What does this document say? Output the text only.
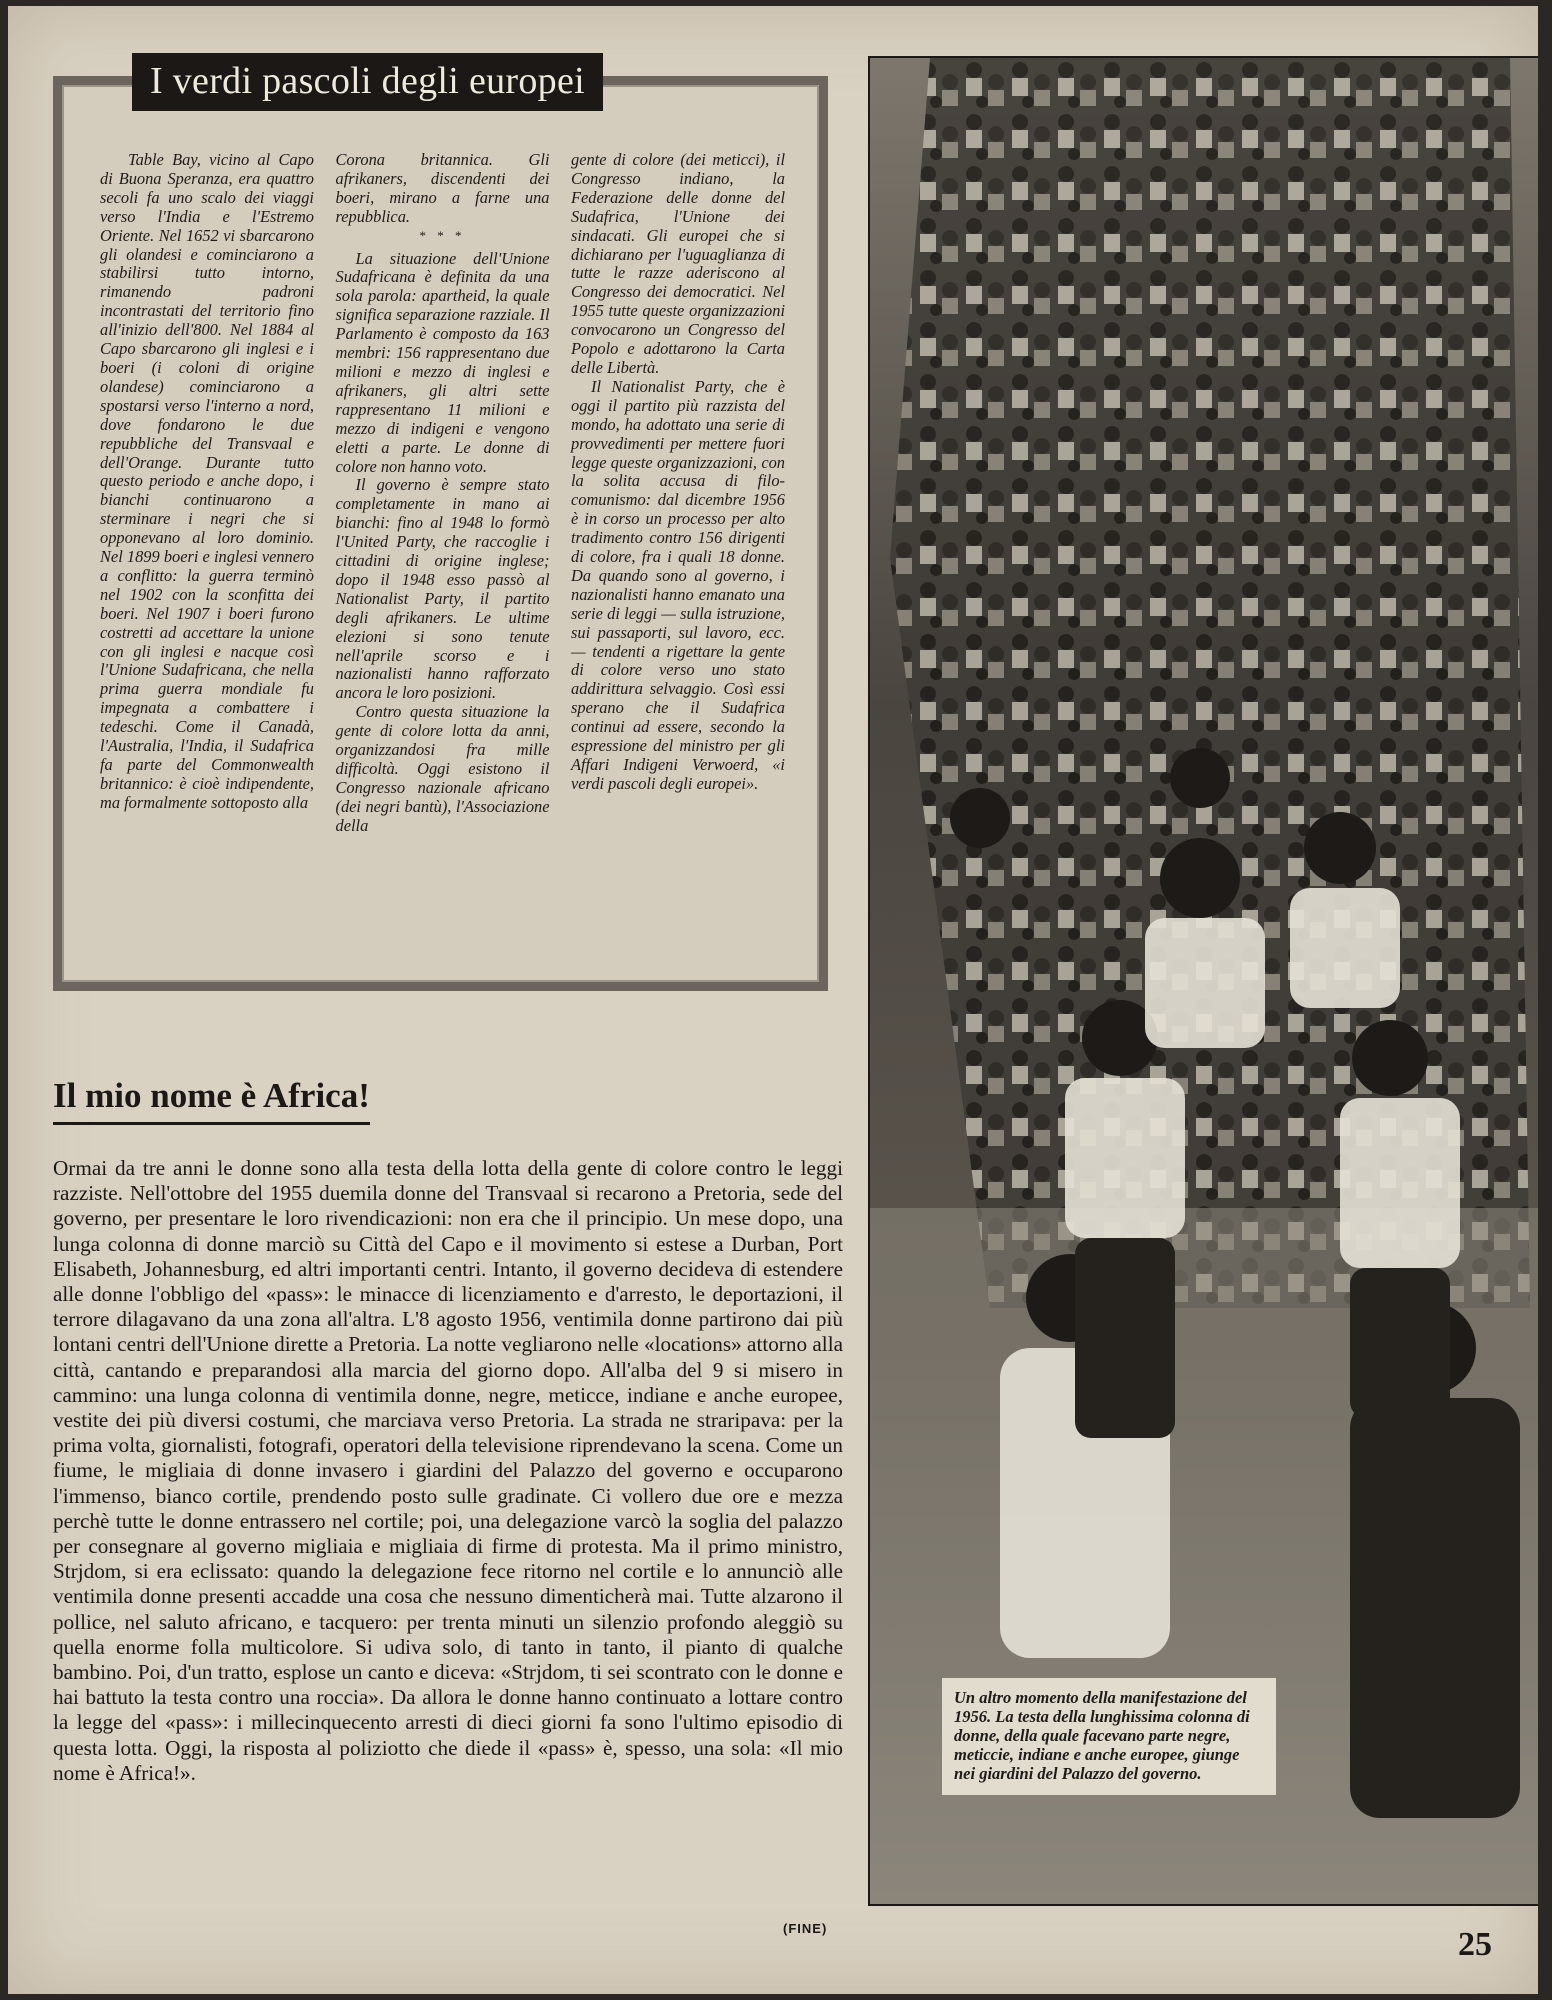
I verdi pascoli degli europei

Table Bay, vicino al Capo di Buona Speranza, era quattro secoli fa uno scalo dei viaggi verso l'India e l'Estremo Oriente. Nel 1652 vi sbarcarono gli olandesi e cominciarono a stabilirsi tutto intorno, rimanendo padroni incontrastati del territorio fino all'inizio dell'800. Nel 1884 al Capo sbarcarono gli inglesi e i boeri (i coloni di origine olandese) cominciarono a spostarsi verso l'interno a nord, dove fondarono le due repubbliche del Transvaal e dell'Orange. Durante tutto questo periodo e anche dopo, i bianchi continuarono a sterminare i negri che si opponevano al loro dominio. Nel 1899 boeri e inglesi vennero a conflitto: la guerra terminò nel 1902 con la sconfitta dei boeri. Nel 1907 i boeri furono costretti ad accettare la unione con gli inglesi e nacque così l'Unione Sudafricana, che nella prima guerra mondiale fu impegnata a combattere i tedeschi. Come il Canadà, l'Australia, l'India, il Sudafrica fa parte del Commonwealth britannico: è cioè indipendente, ma formalmente sottoposto alla

Corona britannica. Gli afrikaners, discendenti dei boeri, mirano a farne una repubblica.

* * *

La situazione dell'Unione Sudafricana è definita da una sola parola: apartheid, la quale significa separazione razziale. Il Parlamento è composto da 163 membri: 156 rappresentano due milioni e mezzo di inglesi e afrikaners, gli altri sette rappresentano 11 milioni e mezzo di indigeni e vengono eletti a parte. Le donne di colore non hanno voto.

Il governo è sempre stato completamente in mano ai bianchi: fino al 1948 lo formò l'United Party, che raccoglie i cittadini di origine inglese; dopo il 1948 esso passò al Nationalist Party, il partito degli afrikaners. Le ultime elezioni si sono tenute nell'aprile scorso e i nazionalisti hanno rafforzato ancora le loro posizioni.

Contro questa situazione la gente di colore lotta da anni, organizzandosi fra mille difficoltà. Oggi esistono il Congresso nazionale africano (dei negri bantù), l'Associazione della

gente di colore (dei meticci), il Congresso indiano, la Federazione delle donne del Sudafrica, l'Unione dei sindacati. Gli europei che si dichiarano per l'uguaglianza di tutte le razze aderiscono al Congresso dei democratici. Nel 1955 tutte queste organizzazioni convocarono un Congresso del Popolo e adottarono la Carta delle Libertà.

Il Nationalist Party, che è oggi il partito più razzista del mondo, ha adottato una serie di provvedimenti per mettere fuori legge queste organizzazioni, con la solita accusa di filo-comunismo: dal dicembre 1956 è in corso un processo per alto tradimento contro 156 dirigenti di colore, fra i quali 18 donne. Da quando sono al governo, i nazionalisti hanno emanato una serie di leggi — sulla istruzione, sui passaporti, sul lavoro, ecc. — tendenti a rigettare la gente di colore verso uno stato addirittura selvaggio. Così essi sperano che il Sudafrica continui ad essere, secondo la espressione del ministro per gli Affari Indigeni Verwoerd, «i verdi pascoli degli europei».

Il mio nome è Africa!

Ormai da tre anni le donne sono alla testa della lotta della gente di colore contro le leggi razziste. Nell'ottobre del 1955 duemila donne del Transvaal si recarono a Pretoria, sede del governo, per presentare le loro rivendicazioni: non era che il principio. Un mese dopo, una lunga colonna di donne marciò su Città del Capo e il movimento si estese a Durban, Port Elisabeth, Johannesburg, ed altri importanti centri. Intanto, il governo decideva di estendere alle donne l'obbligo del «pass»: le minacce di licenziamento e d'arresto, le deportazioni, il terrore dilagavano da una zona all'altra. L'8 agosto 1956, ventimila donne partirono dai più lontani centri dell'Unione dirette a Pretoria. La notte vegliarono nelle «locations» attorno alla città, cantando e preparandosi alla marcia del giorno dopo. All'alba del 9 si misero in cammino: una lunga colonna di ventimila donne, negre, meticce, indiane e anche europee, vestite dei più diversi costumi, che marciava verso Pretoria. La strada ne straripava: per la prima volta, giornalisti, fotografi, operatori della televisione riprendevano la scena. Come un fiume, le migliaia di donne invasero i giardini del Palazzo del governo e occuparono l'immenso, bianco cortile, prendendo posto sulle gradinate. Ci vollero due ore e mezza perchè tutte le donne entrassero nel cortile; poi, una delegazione varcò la soglia del palazzo per consegnare al governo migliaia e migliaia di firme di protesta. Ma il primo ministro, Strjdom, si era eclissato: quando la delegazione fece ritorno nel cortile e lo annunciò alle ventimila donne presenti accadde una cosa che nessuno dimenticherà mai. Tutte alzarono il pollice, nel saluto africano, e tacquero: per trenta minuti un silenzio profondo aleggiò su quella enorme folla multicolore. Si udiva solo, di tanto in tanto, il pianto di qualche bambino. Poi, d'un tratto, esplose un canto e diceva: «Strjdom, ti sei scontrato con le donne e hai battuto la testa contro una roccia». Da allora le donne hanno continuato a lottare contro la legge del «pass»: i millecinquecento arresti di dieci giorni fa sono l'ultimo episodio di questa lotta. Oggi, la risposta al poliziotto che diede il «pass» è, spesso, una sola: «Il mio nome è Africa!».

(FINE)
Un altro momento della manifestazione del 1956. La testa della lunghissima colonna di donne, della quale facevano parte negre, meticcie, indiane e anche europee, giunge nei giardini del Palazzo del governo.
25
